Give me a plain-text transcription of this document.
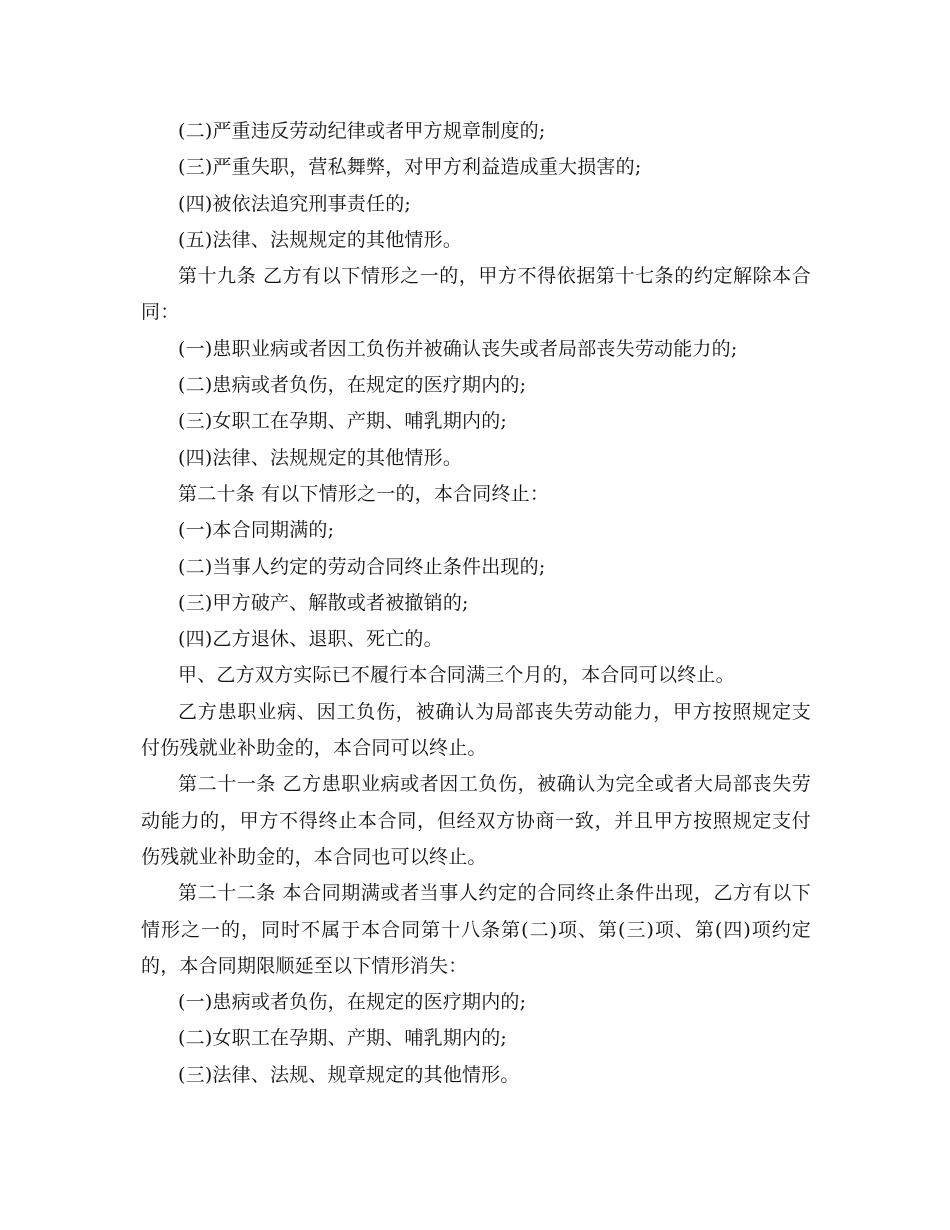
(二)严重违反劳动纪律或者甲方规章制度的;

(三)严重失职，营私舞弊，对甲方利益造成重大损害的;

(四)被依法追究刑事责任的;

(五)法律、法规规定的其他情形。

第十九条 乙方有以下情形之一的，甲方不得依据第十七条的约定解除本合同：

(一)患职业病或者因工负伤并被确认丧失或者局部丧失劳动能力的;

(二)患病或者负伤，在规定的医疗期内的;

(三)女职工在孕期、产期、哺乳期内的;

(四)法律、法规规定的其他情形。

第二十条 有以下情形之一的，本合同终止：

(一)本合同期满的;

(二)当事人约定的劳动合同终止条件出现的;

(三)甲方破产、解散或者被撤销的;

(四)乙方退休、退职、死亡的。

甲、乙方双方实际已不履行本合同满三个月的，本合同可以终止。

乙方患职业病、因工负伤，被确认为局部丧失劳动能力，甲方按照规定支付伤残就业补助金的，本合同可以终止。

第二十一条 乙方患职业病或者因工负伤，被确认为完全或者大局部丧失劳动能力的，甲方不得终止本合同，但经双方协商一致，并且甲方按照规定支付伤残就业补助金的，本合同也可以终止。

第二十二条 本合同期满或者当事人约定的合同终止条件出现，乙方有以下情形之一的，同时不属于本合同第十八条第(二)项、第(三)项、第(四)项约定的，本合同期限顺延至以下情形消失：

(一)患病或者负伤，在规定的医疗期内的;

(二)女职工在孕期、产期、哺乳期内的;

(三)法律、法规、规章规定的其他情形。
